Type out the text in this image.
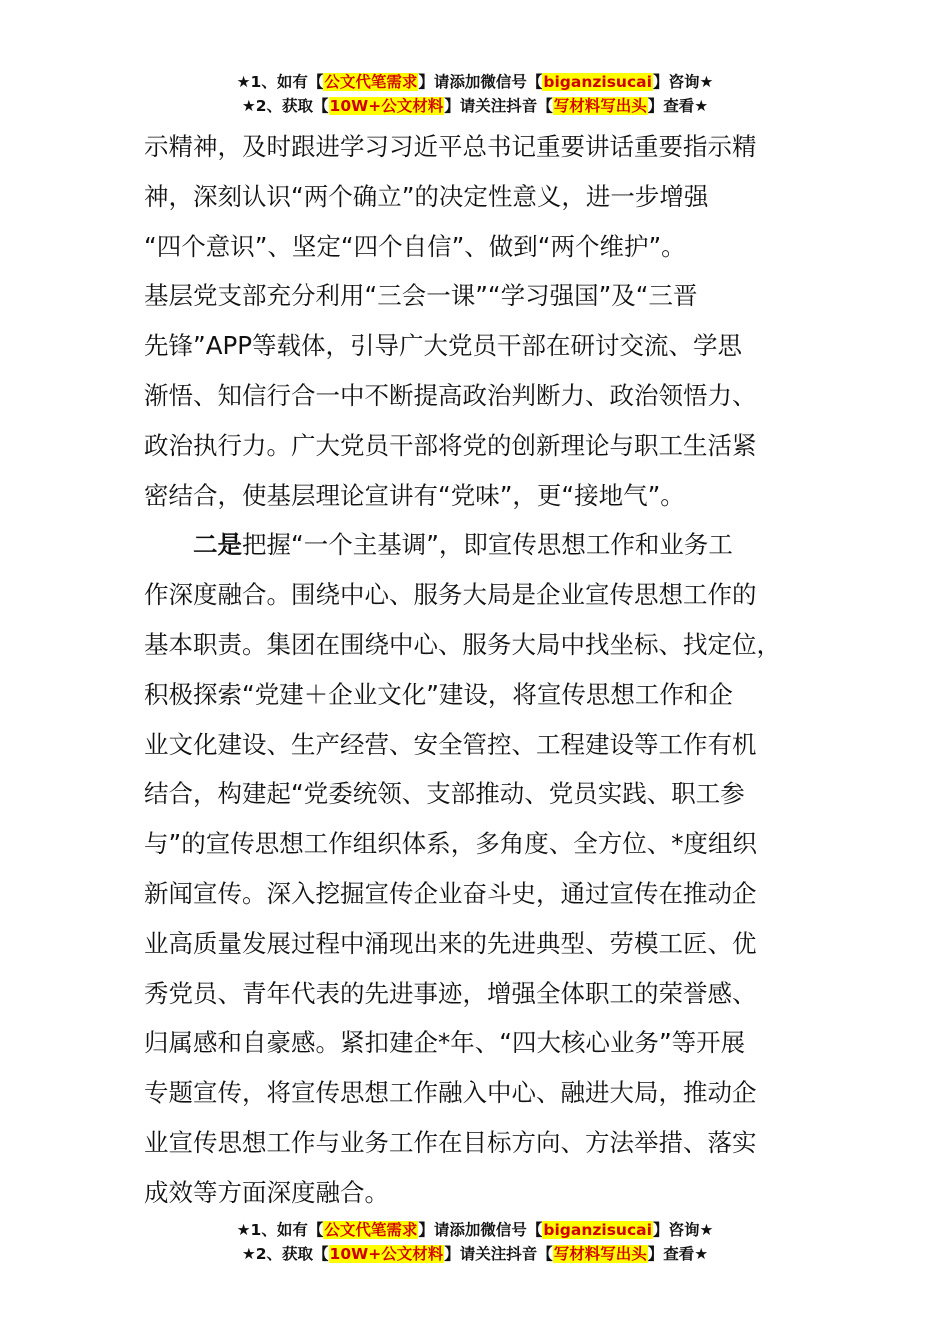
★1、如有【公文代笔需求】请添加微信号【biganzisucai】咨询★
★2、获取【10W+公文材料】请关注抖音【写材料写出头】查看★
示精神，及时跟进学习习近平总书记重要讲话重要指示精
神，深刻认识“两个确立”的决定性意义，进一步增强
“四个意识”、坚定“四个自信”、做到“两个维护”。
基层党支部充分利用“三会一课”“学习强国”及“三晋
先锋”APP等载体，引导广大党员干部在研讨交流、学思
渐悟、知信行合一中不断提高政治判断力、政治领悟力、
政治执行力。广大党员干部将党的创新理论与职工生活紧
密结合，使基层理论宣讲有“党味”，更“接地气”。
二是把握“一个主基调”，即宣传思想工作和业务工
作深度融合。围绕中心、服务大局是企业宣传思想工作的
基本职责。集团在围绕中心、服务大局中找坐标、找定位，
积极探索“党建＋企业文化”建设，将宣传思想工作和企
业文化建设、生产经营、安全管控、工程建设等工作有机
结合，构建起“党委统领、支部推动、党员实践、职工参
与”的宣传思想工作组织体系，多角度、全方位、*度组织
新闻宣传。深入挖掘宣传企业奋斗史，通过宣传在推动企
业高质量发展过程中涌现出来的先进典型、劳模工匠、优
秀党员、青年代表的先进事迹，增强全体职工的荣誉感、
归属感和自豪感。紧扣建企*年、“四大核心业务”等开展
专题宣传，将宣传思想工作融入中心、融进大局，推动企
业宣传思想工作与业务工作在目标方向、方法举措、落实
成效等方面深度融合。
★1、如有【公文代笔需求】请添加微信号【biganzisucai】咨询★
★2、获取【10W+公文材料】请关注抖音【写材料写出头】查看★
